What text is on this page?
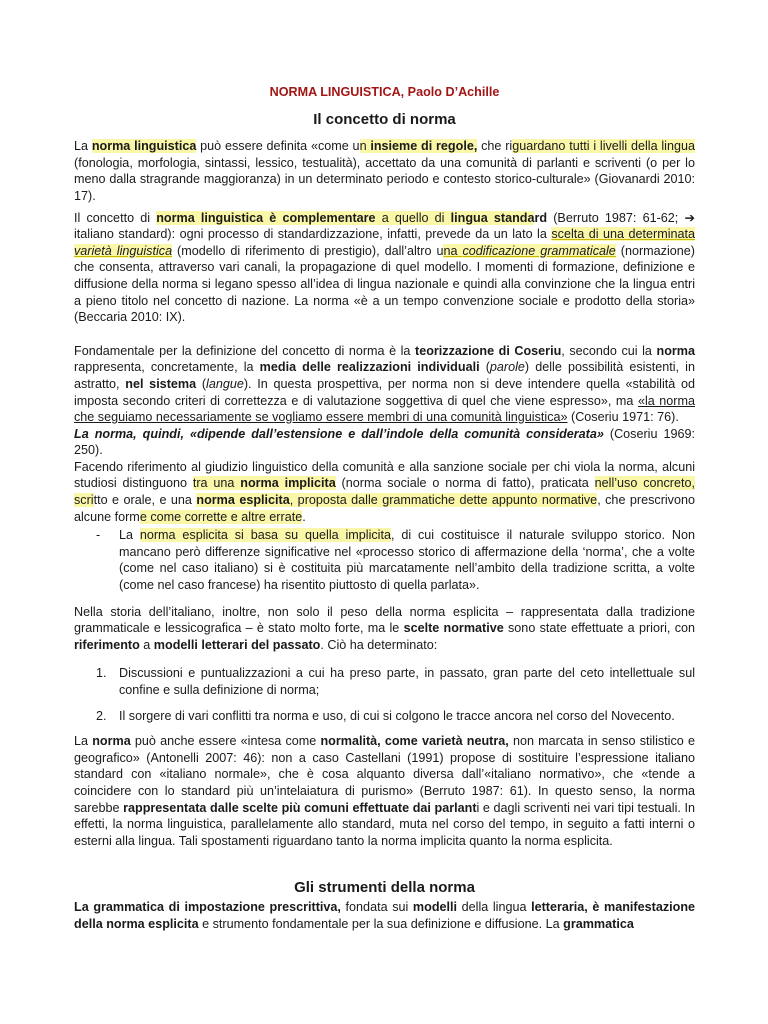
NORMA LINGUISTICA, Paolo D’Achille

Il concetto di norma

La norma linguistica può essere definita «come un insieme di regole, che riguardano tutti i livelli della lingua (fonologia, morfologia, sintassi, lessico, testualità), accettato da una comunità di parlanti e scriventi (o per lo meno dalla stragrande maggioranza) in un determinato periodo e contesto storico-culturale» (Giovanardi 2010: 17).

Il concetto di norma linguistica è complementare a quello di lingua standard (Berruto 1987: 61-62; ➔ italiano standard): ogni processo di standardizzazione, infatti, prevede da un lato la scelta di una determinata varietà linguistica (modello di riferimento di prestigio), dall’altro una codificazione grammaticale (normazione) che consenta, attraverso vari canali, la propagazione di quel modello. I momenti di formazione, definizione e diffusione della norma si legano spesso all’idea di lingua nazionale e quindi alla convinzione che la lingua entri a pieno titolo nel concetto di nazione. La norma «è a un tempo convenzione sociale e prodotto della storia» (Beccaria 2010: IX).

Fondamentale per la definizione del concetto di norma è la teorizzazione di Coseriu, secondo cui la norma rappresenta, concretamente, la media delle realizzazioni individuali (parole) delle possibilità esistenti, in astratto, nel sistema (langue). In questa prospettiva, per norma non si deve intendere quella «stabilità od imposta secondo criteri di correttezza e di valutazione soggettiva di quel che viene espresso», ma «la norma che seguiamo necessariamente se vogliamo essere membri di una comunità linguistica» (Coseriu 1971: 76).
La norma, quindi, «dipende dall’estensione e dall’indole della comunità considerata» (Coseriu 1969: 250).
Facendo riferimento al giudizio linguistico della comunità e alla sanzione sociale per chi viola la norma, alcuni studiosi distinguono tra una norma implicita (norma sociale o norma di fatto), praticata nell’uso concreto, scritto e orale, e una norma esplicita, proposta dalle grammatiche dette appunto normative, che prescrivono alcune forme come corrette e altre errate.

-	La norma esplicita si basa su quella implicita, di cui costituisce il naturale sviluppo storico. Non mancano però differenze significative nel «processo storico di affermazione della ‘norma’, che a volte (come nel caso italiano) si è costituita più marcatamente nell’ambito della tradizione scritta, a volte (come nel caso francese) ha risentito piuttosto di quella parlata».

Nella storia dell’italiano, inoltre, non solo il peso della norma esplicita – rappresentata dalla tradizione grammaticale e lessicografica – è stato molto forte, ma le scelte normative sono state effettuate a priori, con riferimento a modelli letterari del passato. Ciò ha determinato:

1. Discussioni e puntualizzazioni a cui ha preso parte, in passato, gran parte del ceto intellettuale sul confine e sulla definizione di norma;

2. Il sorgere di vari conflitti tra norma e uso, di cui si colgono le tracce ancora nel corso del Novecento.

La norma può anche essere «intesa come normalità, come varietà neutra, non marcata in senso stilistico e geografico» (Antonelli 2007: 46): non a caso Castellani (1991) propose di sostituire l’espressione italiano standard con «italiano normale», che è cosa alquanto diversa dall’«italiano normativo», che «tende a coincidere con lo standard più un’intelaiatura di purismo» (Berruto 1987: 61). In questo senso, la norma sarebbe rappresentata dalle scelte più comuni effettuate dai parlanti e dagli scriventi nei vari tipi testuali. In effetti, la norma linguistica, parallelamente allo standard, muta nel corso del tempo, in seguito a fatti interni o esterni alla lingua. Tali spostamenti riguardano tanto la norma implicita quanto la norma esplicita.

Gli strumenti della norma

La grammatica di impostazione prescrittiva, fondata sui modelli della lingua letteraria, è manifestazione della norma esplicita e strumento fondamentale per la sua definizione e diffusione. La grammatica
